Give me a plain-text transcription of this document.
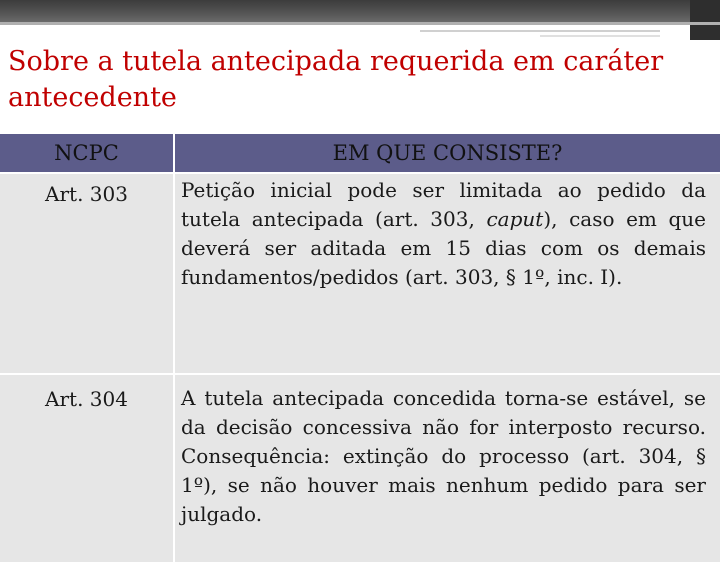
Sobre a tutela antecipada requerida em caráter antecedente
NCPC	EM QUE CONSISTE?
Art. 303	Petição inicial pode ser limitada ao pedido da tutela antecipada (art. 303, caput), caso em que deverá ser aditada em 15 dias com os demais fundamentos/pedidos (art. 303, § 1º, inc. I).
Art. 304	A tutela antecipada concedida torna-se estável, se da decisão concessiva não for interposto recurso. Consequência: extinção do processo (art. 304, § 1º), se não houver mais nenhum pedido para ser julgado.
